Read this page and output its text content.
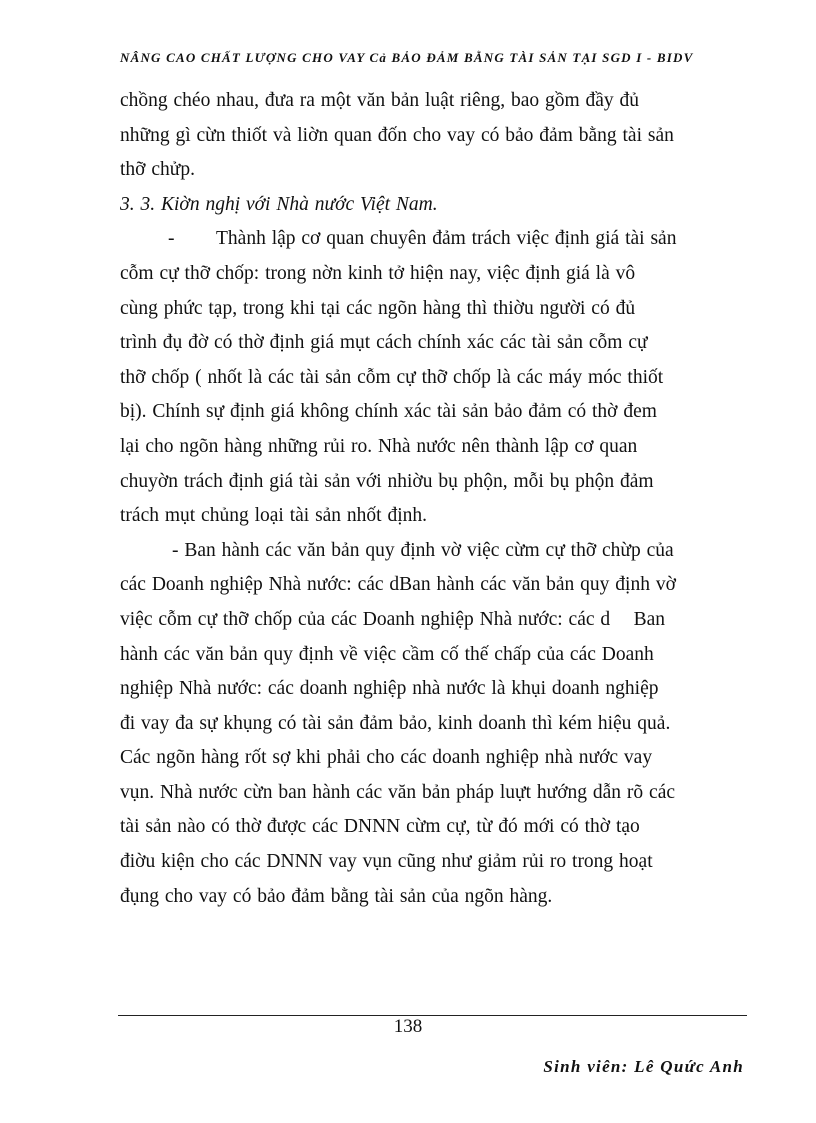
NÂNG CAO CHẤT LƯỢNG CHO VAY Cả BẢO ĐẢM BẰNG TÀI SẢN TẠI SGD I - BIDV
chồng chéo nhau, đưa ra một văn bản luật riêng, bao gồm đầy đủ
những gì cừn thiốt và liờn quan đốn cho vay có bảo đảm bằng tài sản
thỡ chửp.
3. 3. Kiờn nghị với Nhà nước Việt Nam.
- Thành lập cơ quan chuyên đảm trách việc định giá tài sản
cỗm cự thỡ chốp: trong nờn kinh tở hiện nay, việc định giá là vô
cùng phức tạp, trong khi tại các ngõn hàng thì thiờu người có đủ
trình đụ đờ có thờ định giá mụt cách chính xác các tài sản cỗm cự
thỡ chốp ( nhốt là các tài sản cỗm cự thỡ chốp là các máy móc thiốt
bị). Chính sự định giá không chính xác tài sản bảo đảm có thờ đem
lại cho ngõn hàng những rủi ro. Nhà nước nên thành lập cơ quan
chuyờn trách định giá tài sản với nhiờu bụ phộn, mỗi bụ phộn đảm
trách mụt chủng loại tài sản nhốt định.
- Ban hành các văn bản quy định vờ việc cừm cự thỡ chừp của
các Doanh nghiệp Nhà nước: các dBan hành các văn bản quy định vờ
việc cỗm cự thỡ chốp của các Doanh nghiệp Nhà nước: các d    Ban
hành các văn bản quy định về việc cầm cố thế chấp của các Doanh
nghiệp Nhà nước: các doanh nghiệp nhà nước là khụi doanh nghiệp
đi vay đa sự khụng có tài sản đảm bảo, kinh doanh thì kém hiệu quả.
Các ngõn hàng rốt sợ khi phải cho các doanh nghiệp nhà nước vay
vụn. Nhà nước cừn ban hành các văn bản pháp luựt hướng dẫn rõ các
tài sản nào có thờ được các DNNN cừm cự, từ đó mới có thờ tạo
điờu kiện cho các DNNN vay vụn cũng như giảm rủi ro trong hoạt
đụng cho vay có bảo đảm bằng tài sản của ngõn hàng.
138
Sinh viên: Lê Quức Anh
